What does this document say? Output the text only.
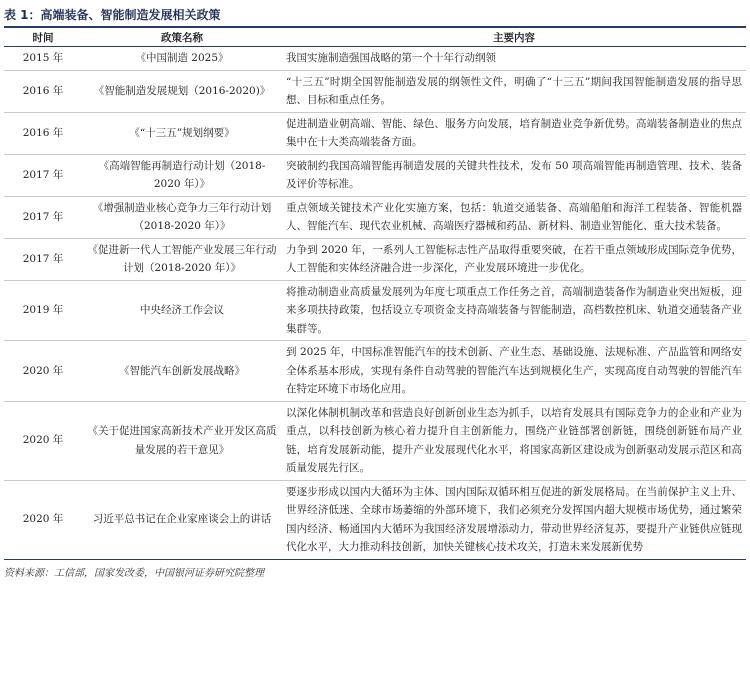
表 1：高端装备、智能制造发展相关政策
时间	政策名称	主要内容
2015 年	《中国制造 2025》	我国实施制造强国战略的第一个十年行动纲领
2016 年	《智能制造发展规划（2016-2020)》	“十三五”时期全国智能制造发展的纲领性文件，明确了“十三五”期间我国智能制造发展的指导思想、目标和重点任务。
2016 年	《“十三五”规划纲要》	促进制造业朝高端、智能、绿色、服务方向发展，培育制造业竞争新优势。高端装备制造业的焦点集中在十大类高端装备方面。
2017 年	《高端智能再制造行动计划（2018-2020 年）》	突破制约我国高端智能再制造发展的关键共性技术，发布 50 项高端智能再制造管理、技术、装备及评价等标准。
2017 年	《增强制造业核心竞争力三年行动计划（2018-2020 年）》	重点领域关键技术产业化实施方案，包括：轨道交通装备、高端船舶和海洋工程装备、智能机器人、智能汽车、现代农业机械、高端医疗器械和药品、新材料、制造业智能化、重大技术装备。
2017 年	《促进新一代人工智能产业发展三年行动计划（2018-2020 年）》	力争到 2020 年，一系列人工智能标志性产品取得重要突破，在若干重点领域形成国际竞争优势，人工智能和实体经济融合进一步深化，产业发展环境进一步优化。
2019 年	中央经济工作会议	将推动制造业高质量发展列为年度七项重点工作任务之首，高端制造装备作为制造业突出短板，迎来多项扶持政策，包括设立专项资金支持高端装备与智能制造，高档数控机床、轨道交通装备产业集群等。
2020 年	《智能汽车创新发展战略》	到 2025 年，中国标准智能汽车的技术创新、产业生态、基础设施、法规标准、产品监管和网络安全体系基本形成，实现有条件自动驾驶的智能汽车达到规模化生产，实现高度自动驾驶的智能汽车在特定环境下市场化应用。
2020 年	《关于促进国家高新技术产业开发区高质量发展的若干意见》	以深化体制机制改革和营造良好创新创业生态为抓手，以培育发展具有国际竞争力的企业和产业为重点，以科技创新为核心着力提升自主创新能力，围绕产业链部署创新链，围绕创新链布局产业链，培育发展新动能，提升产业发展现代化水平，将国家高新区建设成为创新驱动发展示范区和高质量发展先行区。
2020 年	习近平总书记在企业家座谈会上的讲话	要逐步形成以国内大循环为主体、国内国际双循环相互促进的新发展格局。在当前保护主义上升、世界经济低迷、全球市场萎缩的外部环境下，我们必须充分发挥国内超大规模市场优势，通过繁荣国内经济、畅通国内大循环为我国经济发展增添动力，带动世界经济复苏，要提升产业链供应链现代化水平，大力推动科技创新，加快关键核心技术攻关，打造未来发展新优势
资料来源：工信部，国家发改委，中国银河证券研究院整理
